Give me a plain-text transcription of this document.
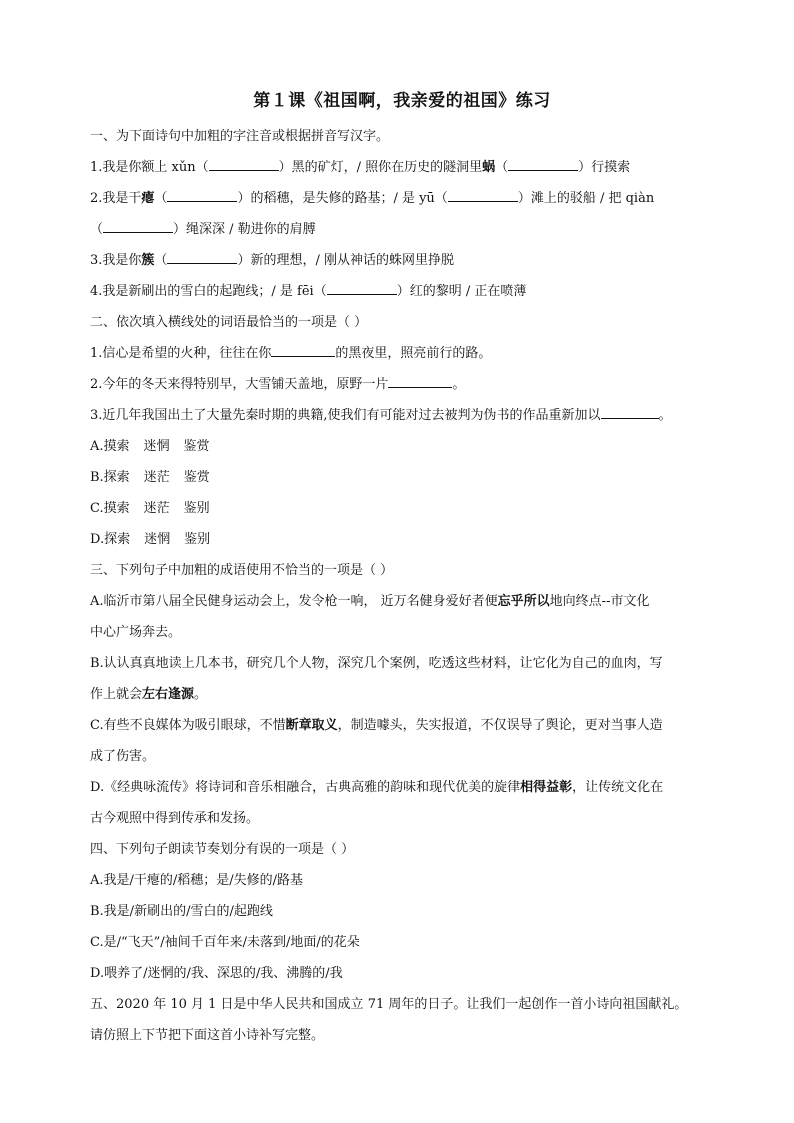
第１课《祖国啊，我亲爱的祖国》练习
一、为下面诗句中加粗的字注音或根据拼音写汉字。
1.我是你额上 xǔn（	）黑的矿灯，/ 照你在历史的隧洞里蜗（	）行摸索
2.我是干瘪（	）的稻穗，是失修的路基；/ 是 yū（	）滩上的驳船 / 把 qiàn
（	）绳深深 / 勒进你的肩膊
3.我是你簇（	）新的理想，/ 刚从神话的蛛网里挣脱
4.我是新刷出的雪白的起跑线；/ 是 fēi（	）红的黎明 / 正在喷薄
二、依次填入横线处的词语最恰当的一项是（ ）
1.信心是希望的火种，往往在你	的黑夜里，照亮前行的路。
2.今年的冬天来得特别早，大雪铺天盖地，原野一片	。
3.近几年我国出土了大量先秦时期的典籍,使我们有可能对过去被判为伪书的作品重新加以	。
A.摸索 迷惘 鉴赏
B.探索 迷茫 鉴赏
C.摸索 迷茫 鉴别
D.探索 迷惘 鉴别
三、下列句子中加粗的成语使用不恰当的一项是（ ）
A.临沂市第八届全民健身运动会上，发令枪一响， 近万名健身爱好者便忘乎所以地向终点--市文化
中心广场奔去。
B.认认真真地读上几本书，研究几个人物，深究几个案例，吃透这些材料，让它化为自己的血肉，写
作上就会左右逢源。
C.有些不良媒体为吸引眼球，不惜断章取义，制造噱头，失实报道，不仅误导了舆论，更对当事人造
成了伤害。
D.《经典咏流传》将诗词和音乐相融合，古典高雅的韵味和现代优美的旋律相得益彰，让传统文化在
古今观照中得到传承和发扬。
四、下列句子朗读节奏划分有误的一项是（ ）
A.我是/干瘪的/稻穗；是/失修的/路基
B.我是/新刷出的/雪白的/起跑线
C.是/“飞天”/袖间千百年来/未落到/地面/的花朵
D.喂养了/迷惘的/我、深思的/我、沸腾的/我
五、2020 年 10 月 1 日是中华人民共和国成立 71 周年的日子。让我们一起创作一首小诗向祖国献礼。
请仿照上下节把下面这首小诗补写完整。
